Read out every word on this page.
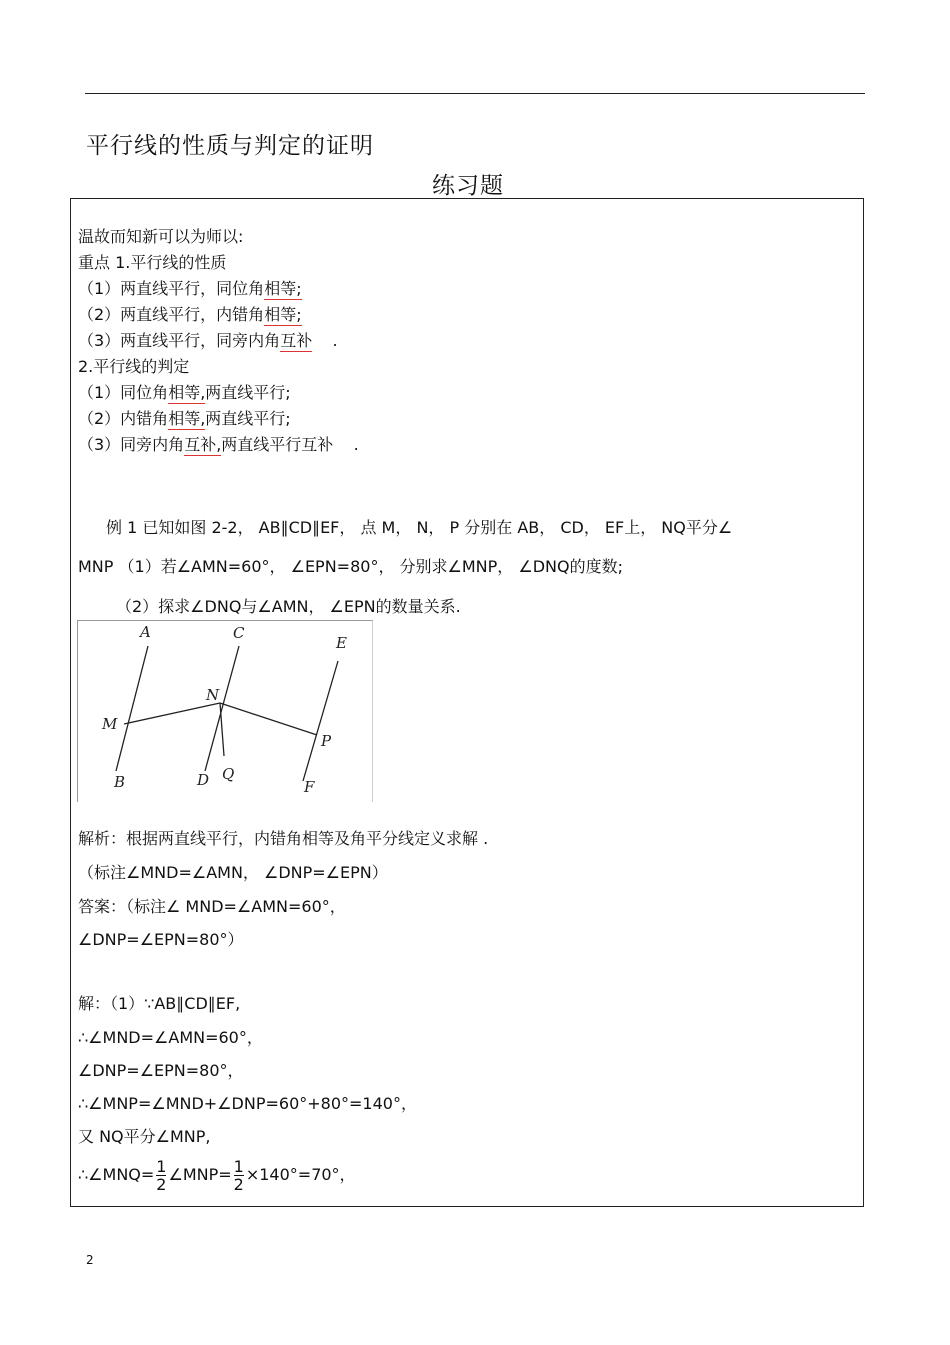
平行线的性质与判定的证明
练习题
温故而知新可以为师以:
重点 1.平行线的性质
（1）两直线平行，同位角相等;
（2）两直线平行，内错角相等;
（3）两直线平行，同旁内角互补    .
2.平行线的判定
（1）同位角相等,两直线平行;
（2）内错角相等,两直线平行;
（3）同旁内角互补,两直线平行互补    .
例 1 已知如图 2-2， AB∥CD∥EF， 点 M， N， P 分别在 AB， CD， EF上， NQ平分∠
MNP （1）若∠AMN=60°， ∠EPN=80°， 分别求∠MNP， ∠DNQ的度数;
（2）探求∠DNQ与∠AMN， ∠EPN的数量关系.
A	C
E
N
M
P
B	D Q
F
解析：根据两直线平行，内错角相等及角平分线定义求解 .
（标注∠MND=∠AMN， ∠DNP=∠EPN）
答案：（标注∠ MND=∠AMN=60°，
∠DNP=∠EPN=80°）
解：（1）∵AB∥CD∥EF,
∴∠MND=∠AMN=60°，
∠DNP=∠EPN=80°，
∴∠MNP=∠MND+∠DNP=60°+80°=140°，
又 NQ平分∠MNP,
∴∠MNQ= $\frac{1}{2}$ ∠MNP= $\frac{1}{2} \times 140^\circ=70^\circ$，
2
